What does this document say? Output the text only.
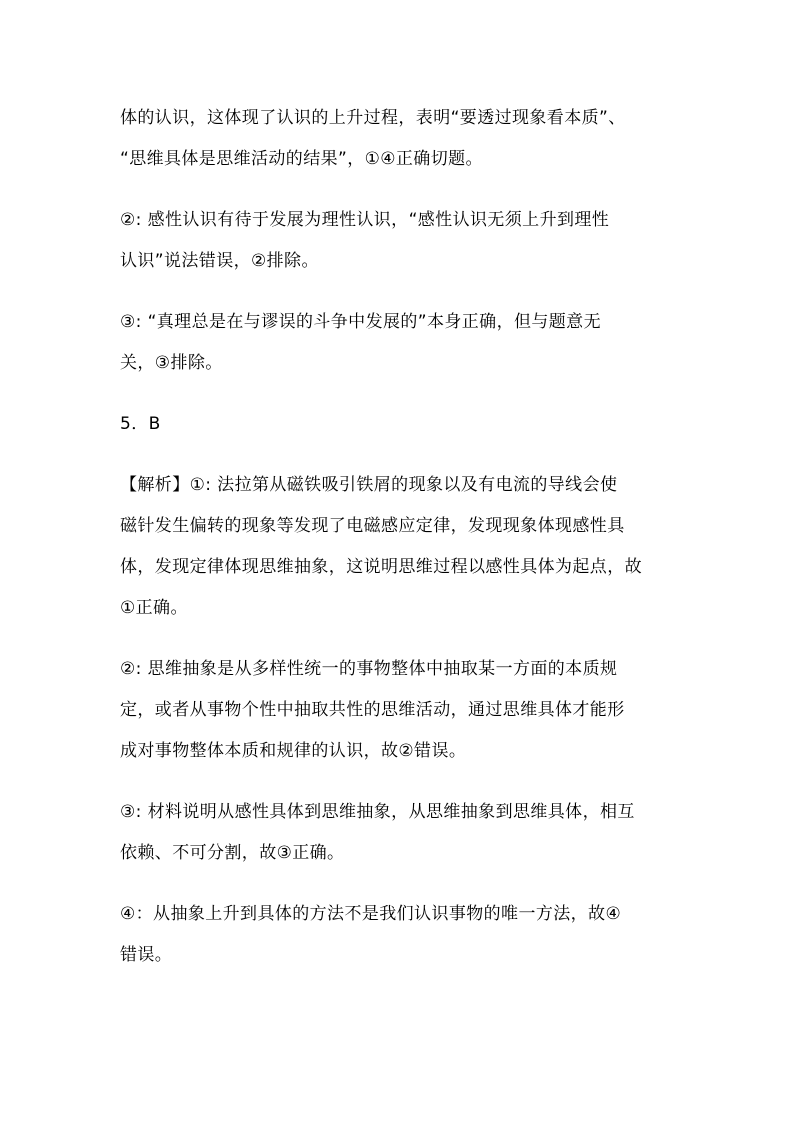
体的认识，这体现了认识的上升过程，表明“要透过现象看本质”、
“思维具体是思维活动的结果”，①④正确切题。
②: 感性认识有待于发展为理性认识，“感性认识无须上升到理性
认识”说法错误，②排除。
③: “真理总是在与谬误的斗争中发展的”本身正确，但与题意无
关，③排除。
5．B
【解析】①: 法拉第从磁铁吸引铁屑的现象以及有电流的导线会使
磁针发生偏转的现象等发现了电磁感应定律，发现现象体现感性具
体，发现定律体现思维抽象，这说明思维过程以感性具体为起点，故
①正确。
②: 思维抽象是从多样性统一的事物整体中抽取某一方面的本质规
定，或者从事物个性中抽取共性的思维活动，通过思维具体才能形
成对事物整体本质和规律的认识，故②错误。
③: 材料说明从感性具体到思维抽象，从思维抽象到思维具体，相互
依赖、不可分割，故③正确。
④：从抽象上升到具体的方法不是我们认识事物的唯一方法，故④
错误。
